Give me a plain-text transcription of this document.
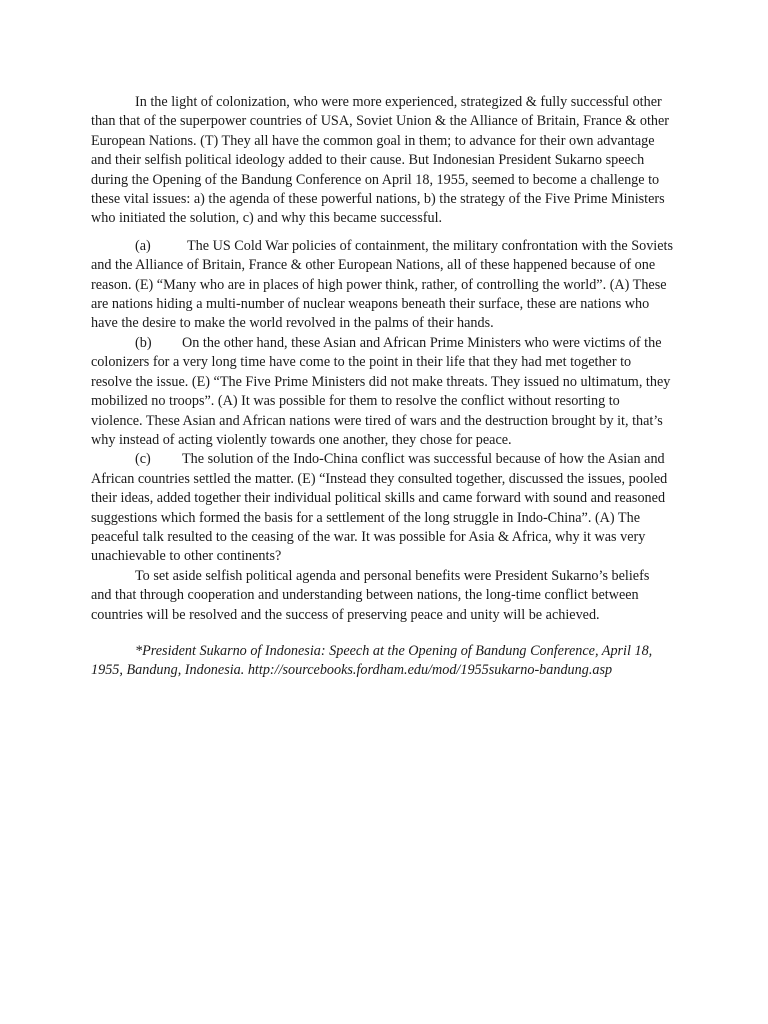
In the light of colonization, who were more experienced, strategized & fully successful other than that of the superpower countries of USA, Soviet Union & the Alliance of Britain, France & other European Nations. (T) They all have the common goal in them; to advance for their own advantage and their selfish political ideology added to their cause. But Indonesian President Sukarno speech during the Opening of the Bandung Conference on April 18, 1955, seemed to become a challenge to these vital issues: a) the agenda of these powerful nations, b) the strategy of the Five Prime Ministers who initiated the solution, c) and why this became successful.

(a)	The US Cold War policies of containment, the military confrontation with the Soviets and the Alliance of Britain, France & other European Nations, all of these happened because of one reason. (E) “Many who are in places of high power think, rather, of controlling the world”. (A) These are nations hiding a multi-number of nuclear weapons beneath their surface, these are nations who have the desire to make the world revolved in the palms of their hands.

(b) On the other hand, these Asian and African Prime Ministers who were victims of the colonizers for a very long time have come to the point in their life that they had met together to resolve the issue. (E) “The Five Prime Ministers did not make threats. They issued no ultimatum, they mobilized no troops”. (A) It was possible for them to resolve the conflict without resorting to violence. These Asian and African nations were tired of wars and the destruction brought by it, that’s why instead of acting violently towards one another, they chose for peace.

(c) The solution of the Indo-China conflict was successful because of how the Asian and African countries settled the matter. (E) “Instead they consulted together, discussed the issues, pooled their ideas, added together their individual political skills and came forward with sound and reasoned suggestions which formed the basis for a settlement of the long struggle in Indo-China”. (A) The peaceful talk resulted to the ceasing of the war. It was possible for Asia & Africa, why it was very unachievable to other continents?

To set aside selfish political agenda and personal benefits were President Sukarno’s beliefs and that through cooperation and understanding between nations, the long-time conflict between countries will be resolved and the success of preserving peace and unity will be achieved.

*President Sukarno of Indonesia: Speech at the Opening of Bandung Conference, April 18, 1955, Bandung, Indonesia. http://sourcebooks.fordham.edu/mod/1955sukarno-bandung.asp
